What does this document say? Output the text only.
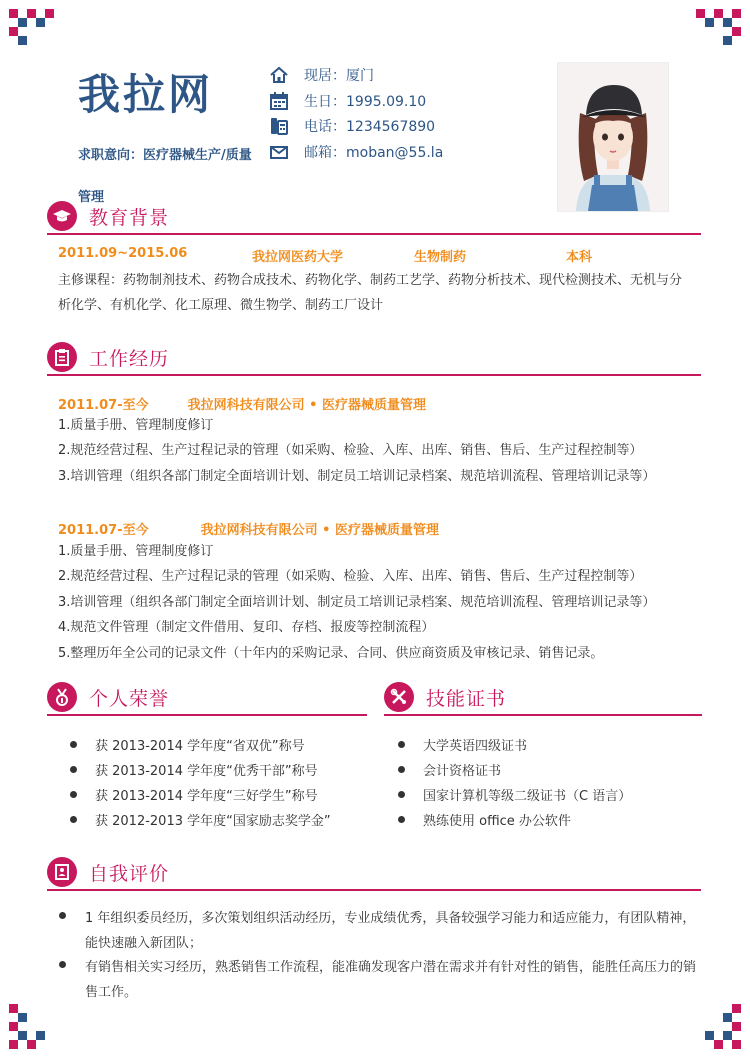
我拉网
求职意向：医疗器械生产/质量管理
现居：厦门
生日：1995.09.10
电话：1234567890
邮箱：moban@55.la
教育背景
2011.09~2015.06	我拉网医药大学	生物制药	本科
主修课程：药物制剂技术、药物合成技术、药物化学、制药工艺学、药物分析技术、现代检测技术、无机与分析化学、有机化学、化工原理、微生物学、制药工厂设计
工作经历
2011.07-至今　　　我拉网科技有限公司 • 医疗器械质量管理
1.质量手册、管理制度修订
2.规范经营过程、生产过程记录的管理（如采购、检验、入库、出库、销售、售后、生产过程控制等）
3.培训管理（组织各部门制定全面培训计划、制定员工培训记录档案、规范培训流程、管理培训记录等）
2011.07-至今　　　　我拉网科技有限公司 • 医疗器械质量管理
1.质量手册、管理制度修订
2.规范经营过程、生产过程记录的管理（如采购、检验、入库、出库、销售、售后、生产过程控制等）
3.培训管理（组织各部门制定全面培训计划、制定员工培训记录档案、规范培训流程、管理培训记录等）
4.规范文件管理（制定文件借用、复印、存档、报废等控制流程）
5.整理历年全公司的记录文件（十年内的采购记录、合同、供应商资质及审核记录、销售记录。
个人荣誉
获 2013-2014 学年度“省双优”称号
获 2013-2014 学年度“优秀干部”称号
获 2013-2014 学年度“三好学生”称号
获 2012-2013 学年度“国家励志奖学金”
技能证书
大学英语四级证书
会计资格证书
国家计算机等级二级证书（C 语言）
熟练使用 office 办公软件
自我评价
1 年组织委员经历，多次策划组织活动经历，专业成绩优秀，具备较强学习能力和适应能力，有团队精神，能快速融入新团队；
有销售相关实习经历，熟悉销售工作流程，能准确发现客户潜在需求并有针对性的销售，能胜任高压力的销售工作。
